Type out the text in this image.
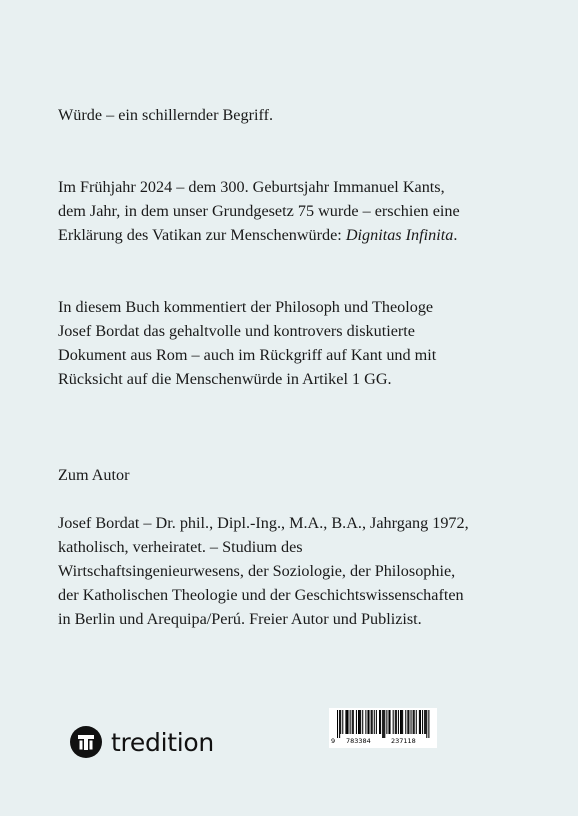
Würde – ein schillernder Begriff.
Im Frühjahr 2024 – dem 300. Geburtsjahr Immanuel Kants,
dem Jahr, in dem unser Grundgesetz 75 wurde – erschien eine
Erklärung des Vatikan zur Menschenwürde: Dignitas Infinita.
In diesem Buch kommentiert der Philosoph und Theologe
Josef Bordat das gehaltvolle und kontrovers diskutierte
Dokument aus Rom – auch im Rückgriff auf Kant und mit
Rücksicht auf die Menschenwürde in Artikel 1 GG.
Zum Autor
Josef Bordat – Dr. phil., Dipl.-Ing., M.A., B.A., Jahrgang 1972,
katholisch, verheiratet. – Studium des
Wirtschaftsingenieurwesens, der Soziologie, der Philosophie,
der Katholischen Theologie und der Geschichtswissenschaften
in Berlin und Arequipa/Perú. Freier Autor und Publizist.
tredition	9 783384	237118
